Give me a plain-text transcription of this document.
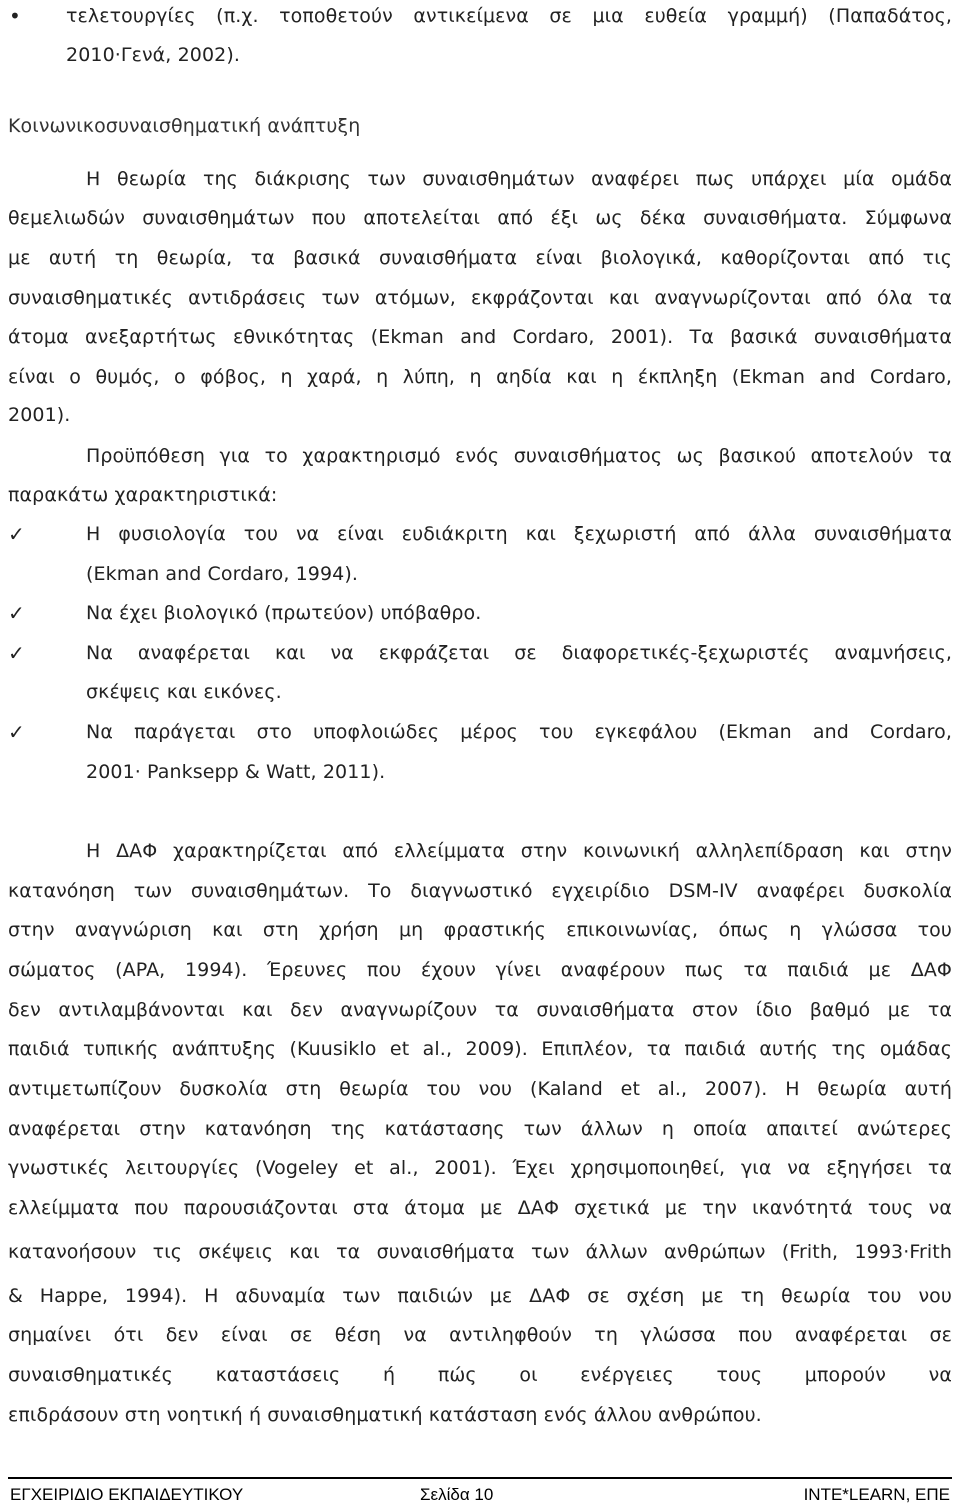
• τελετουργίες (π.χ. τοποθετούν αντικείμενα σε μια ευθεία γραμμή) (Παπαδάτος,
2010·Γενά, 2002).
Κοινωνικοσυναισθηματική ανάπτυξη
Η θεωρία της διάκρισης των συναισθημάτων αναφέρει πως υπάρχει μία ομάδα
θεμελιωδών συναισθημάτων που αποτελείται από έξι ως δέκα συναισθήματα. Σύμφωνα
με αυτή τη θεωρία, τα βασικά συναισθήματα είναι βιολογικά, καθορίζονται από τις
συναισθηματικές αντιδράσεις των ατόμων, εκφράζονται και αναγνωρίζονται από όλα τα
άτομα ανεξαρτήτως εθνικότητας (Ekman and Cordaro, 2001). Τα βασικά συναισθήματα
είναι ο θυμός, ο φόβος, η χαρά, η λύπη, η αηδία και η έκπληξη (Ekman and Cordaro,
2001).
Προϋπόθεση για το χαρακτηρισμό ενός συναισθήματος ως βασικού αποτελούν τα
παρακάτω χαρακτηριστικά:
✓	Η φυσιολογία του να είναι ευδιάκριτη και ξεχωριστή από άλλα συναισθήματα
(Ekman and Cordaro, 1994).
✓	Να έχει βιολογικό (πρωτεύον) υπόβαθρο.
✓	Να αναφέρεται και να εκφράζεται σε διαφορετικές-ξεχωριστές αναμνήσεις,
σκέψεις και εικόνες.
✓	Να παράγεται στο υποφλοιώδες μέρος του εγκεφάλου (Ekman and Cordaro,
2001· Panksepp & Watt, 2011).
Η ΔΑΦ χαρακτηρίζεται από ελλείμματα στην κοινωνική αλληλεπίδραση και στην
κατανόηση των συναισθημάτων. Το διαγνωστικό εγχειρίδιο DSM-IV αναφέρει δυσκολία
στην αναγνώριση και στη χρήση μη φραστικής επικοινωνίας, όπως η γλώσσα του
σώματος (APA, 1994). Έρευνες που έχουν γίνει αναφέρουν πως τα παιδιά με ΔΑΦ
δεν αντιλαμβάνονται και δεν αναγνωρίζουν τα συναισθήματα στον ίδιο βαθμό με τα
παιδιά τυπικής ανάπτυξης (Kuusiklo et al., 2009). Επιπλέον, τα παιδιά αυτής της ομάδας
αντιμετωπίζουν δυσκολία στη θεωρία του νου (Kaland et al., 2007). Η θεωρία αυτή
αναφέρεται στην κατανόηση της κατάστασης των άλλων η οποία απαιτεί ανώτερες
γνωστικές λειτουργίες (Vogeley et al., 2001). Έχει χρησιμοποιηθεί, για να εξηγήσει τα
ελλείμματα που παρουσιάζονται στα άτομα με ΔΑΦ σχετικά με την ικανότητά τους να
κατανοήσουν τις σκέψεις και τα συναισθήματα των άλλων ανθρώπων (Frith, 1993·Frith
& Happe, 1994). Η αδυναμία των παιδιών με ΔΑΦ σε σχέση με τη θεωρία του νου
σημαίνει ότι δεν είναι σε θέση να αντιληφθούν τη γλώσσα που αναφέρεται σε
συναισθηματικές καταστάσεις ή πώς οι ενέργειες τους μπορούν να
επιδράσουν στη νοητική ή συναισθηματική κατάσταση ενός άλλου ανθρώπου.
ΕΓΧΕΙΡΙΔΙΟ ΕΚΠΑΙΔΕΥΤΙΚΟΥ	Σελίδα 10	INTE*LEARN, ΕΠΕ
